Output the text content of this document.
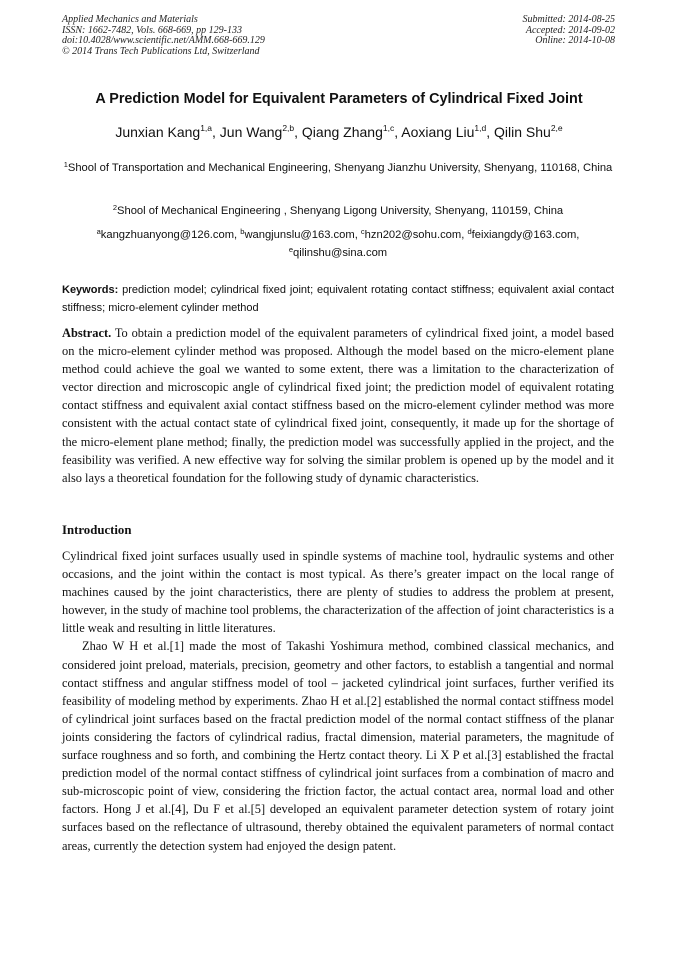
Applied Mechanics and Materials
ISSN: 1662-7482, Vols. 668-669, pp 129-133
doi:10.4028/www.scientific.net/AMM.668-669.129
© 2014 Trans Tech Publications Ltd, Switzerland
Submitted: 2014-08-25
Accepted: 2014-09-02
Online: 2014-10-08
A Prediction Model for Equivalent Parameters of Cylindrical Fixed Joint
Junxian Kang$^{1,a}$, Jun Wang$^{2,b}$, Qiang Zhang$^{1,c}$, Aoxiang Liu$^{1,d}$, Qilin Shu$^{2,e}$
$^1$Shool of Transportation and Mechanical Engineering, Shenyang Jianzhu University, Shenyang, 110168, China
$^2$Shool of Mechanical Engineering , Shenyang Ligong University, Shenyang, 110159, China
$^a$kangzhuanyong@126.com, $^b$wangjunslu@163.com, $^c$hzn202@sohu.com, $^d$feixiangdy@163.com,
$^e$qilinshu@sina.com
Keywords: prediction model; cylindrical fixed joint; equivalent rotating contact stiffness; equivalent axial contact stiffness; micro-element cylinder method
Abstract. To obtain a prediction model of the equivalent parameters of cylindrical fixed joint, a model based on the micro-element cylinder method was proposed. Although the model based on the micro-element plane method could achieve the goal we wanted to some extent, there was a limitation to the characterization of vector direction and microscopic angle of cylindrical fixed joint; the prediction model of equivalent rotating contact stiffness and equivalent axial contact stiffness based on the micro-element cylinder method was more consistent with the actual contact state of cylindrical fixed joint, consequently, it made up for the shortage of the micro-element plane method; finally, the prediction model was successfully applied in the project, and the feasibility was verified. A new effective way for solving the similar problem is opened up by the model and it also lays a theoretical foundation for the following study of dynamic characteristics.
Introduction

Cylindrical fixed joint surfaces usually used in spindle systems of machine tool, hydraulic systems and other occasions, and the joint within the contact is most typical. As there’s greater impact on the local range of machines caused by the joint characteristics, there are plenty of studies to address the problem at present, however, in the study of machine tool problems, the characterization of the affection of joint characteristics is a little weak and resulting in little literatures.

Zhao W H et al.[1] made the most of Takashi Yoshimura method, combined classical mechanics, and considered joint preload, materials, precision, geometry and other factors, to establish a tangential and normal contact stiffness and angular stiffness model of tool – jacketed cylindrical joint surfaces, further verified its feasibility of modeling method by experiments. Zhao H et al.[2] established the normal contact stiffness model of cylindrical joint surfaces based on the fractal prediction model of the normal contact stiffness of the planar joints considering the factors of cylindrical radius, fractal dimension, material parameters, the magnitude of surface roughness and so forth, and combining the Hertz contact theory. Li X P et al.[3] established the fractal prediction model of the normal contact stiffness of cylindrical joint surfaces from a combination of macro and sub-microscopic point of view, considering the friction factor, the actual contact area, normal load and other factors. Hong J et al.[4], Du F et al.[5] developed an equivalent parameter detection system of rotary joint surfaces based on the reflectance of ultrasound, thereby obtained the equivalent parameters of normal contact areas, currently the detection system had enjoyed the design patent.
